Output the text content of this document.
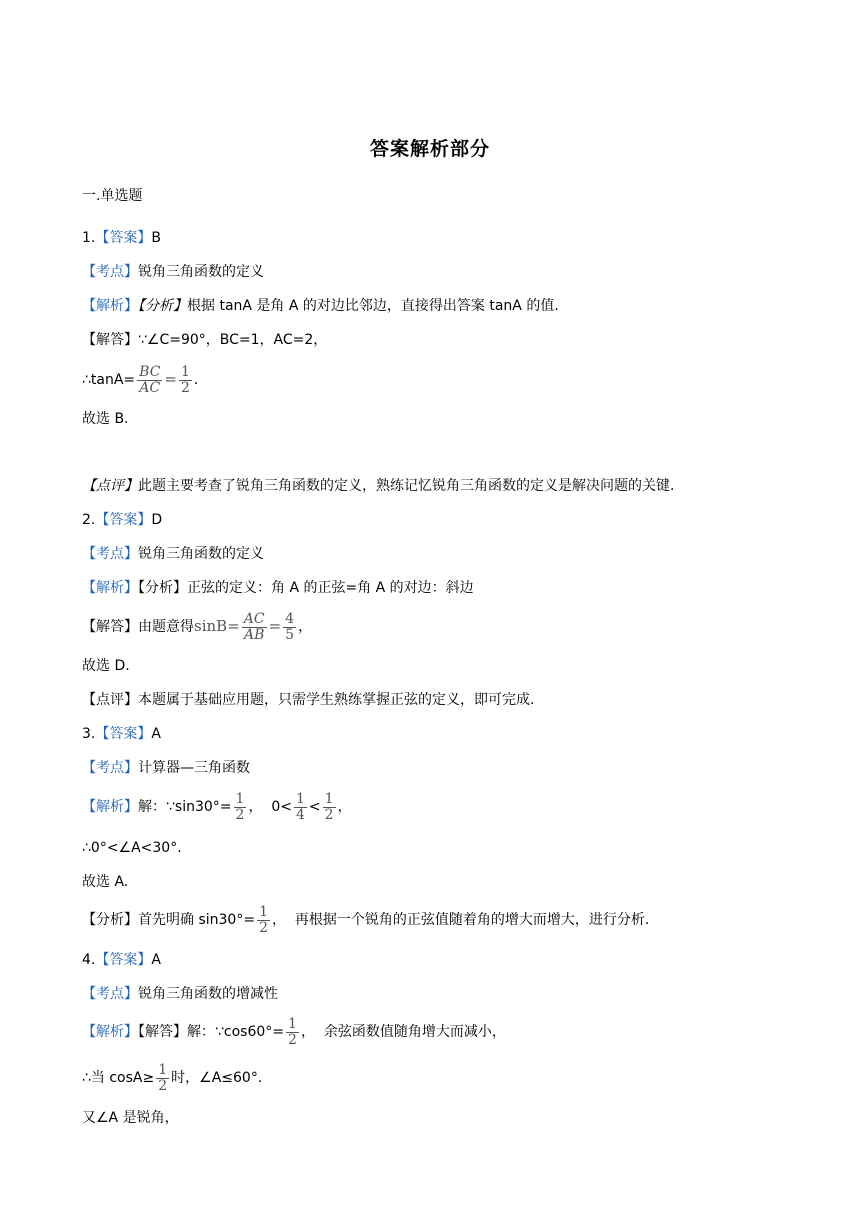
答案解析部分
一.单选题
1.【答案】B
【考点】锐角三角函数的定义
【解析】【分析】根据 tanA 是角 A 的对边比邻边，直接得出答案 tanA 的值.
【解答】∵∠C=90°，BC=1，AC=2，
∴tanA= $\frac{BC}{AC} = \frac{1}{2}$ .
故选 B.
【点评】此题主要考查了锐角三角函数的定义，熟练记忆锐角三角函数的定义是解决问题的关键.
2.【答案】D
【考点】锐角三角函数的定义
【解析】【分析】正弦的定义：角 A 的正弦=角 A 的对边：斜边
【解答】由题意得$\sin B= \frac{AC}{AB} = \frac{4}{5}$ ，
故选 D.
【点评】本题属于基础应用题，只需学生熟练掌握正弦的定义，即可完成.
3.【答案】A
【考点】计算器—三角函数
【解析】解：∵sin30°= $\frac{1}{2}$ ，  $0< \frac{1}{4} < \frac{1}{2}$ ，
∴0°<∠A<30°.
故选 A.
【分析】首先明确 $\sin 30^\circ= \frac{1}{2}$ ，  再根据一个锐角的正弦值随着角的增大而增大，进行分析.
4.【答案】A
【考点】锐角三角函数的增减性
【解析】【解答】解：∵cos60°= $\frac{1}{2}$ ，  余弦函数值随角增大而减小，
∴当 $\cos A\ge \frac{1}{2}$ 时，∠A≤60°.
又∠A 是锐角，
